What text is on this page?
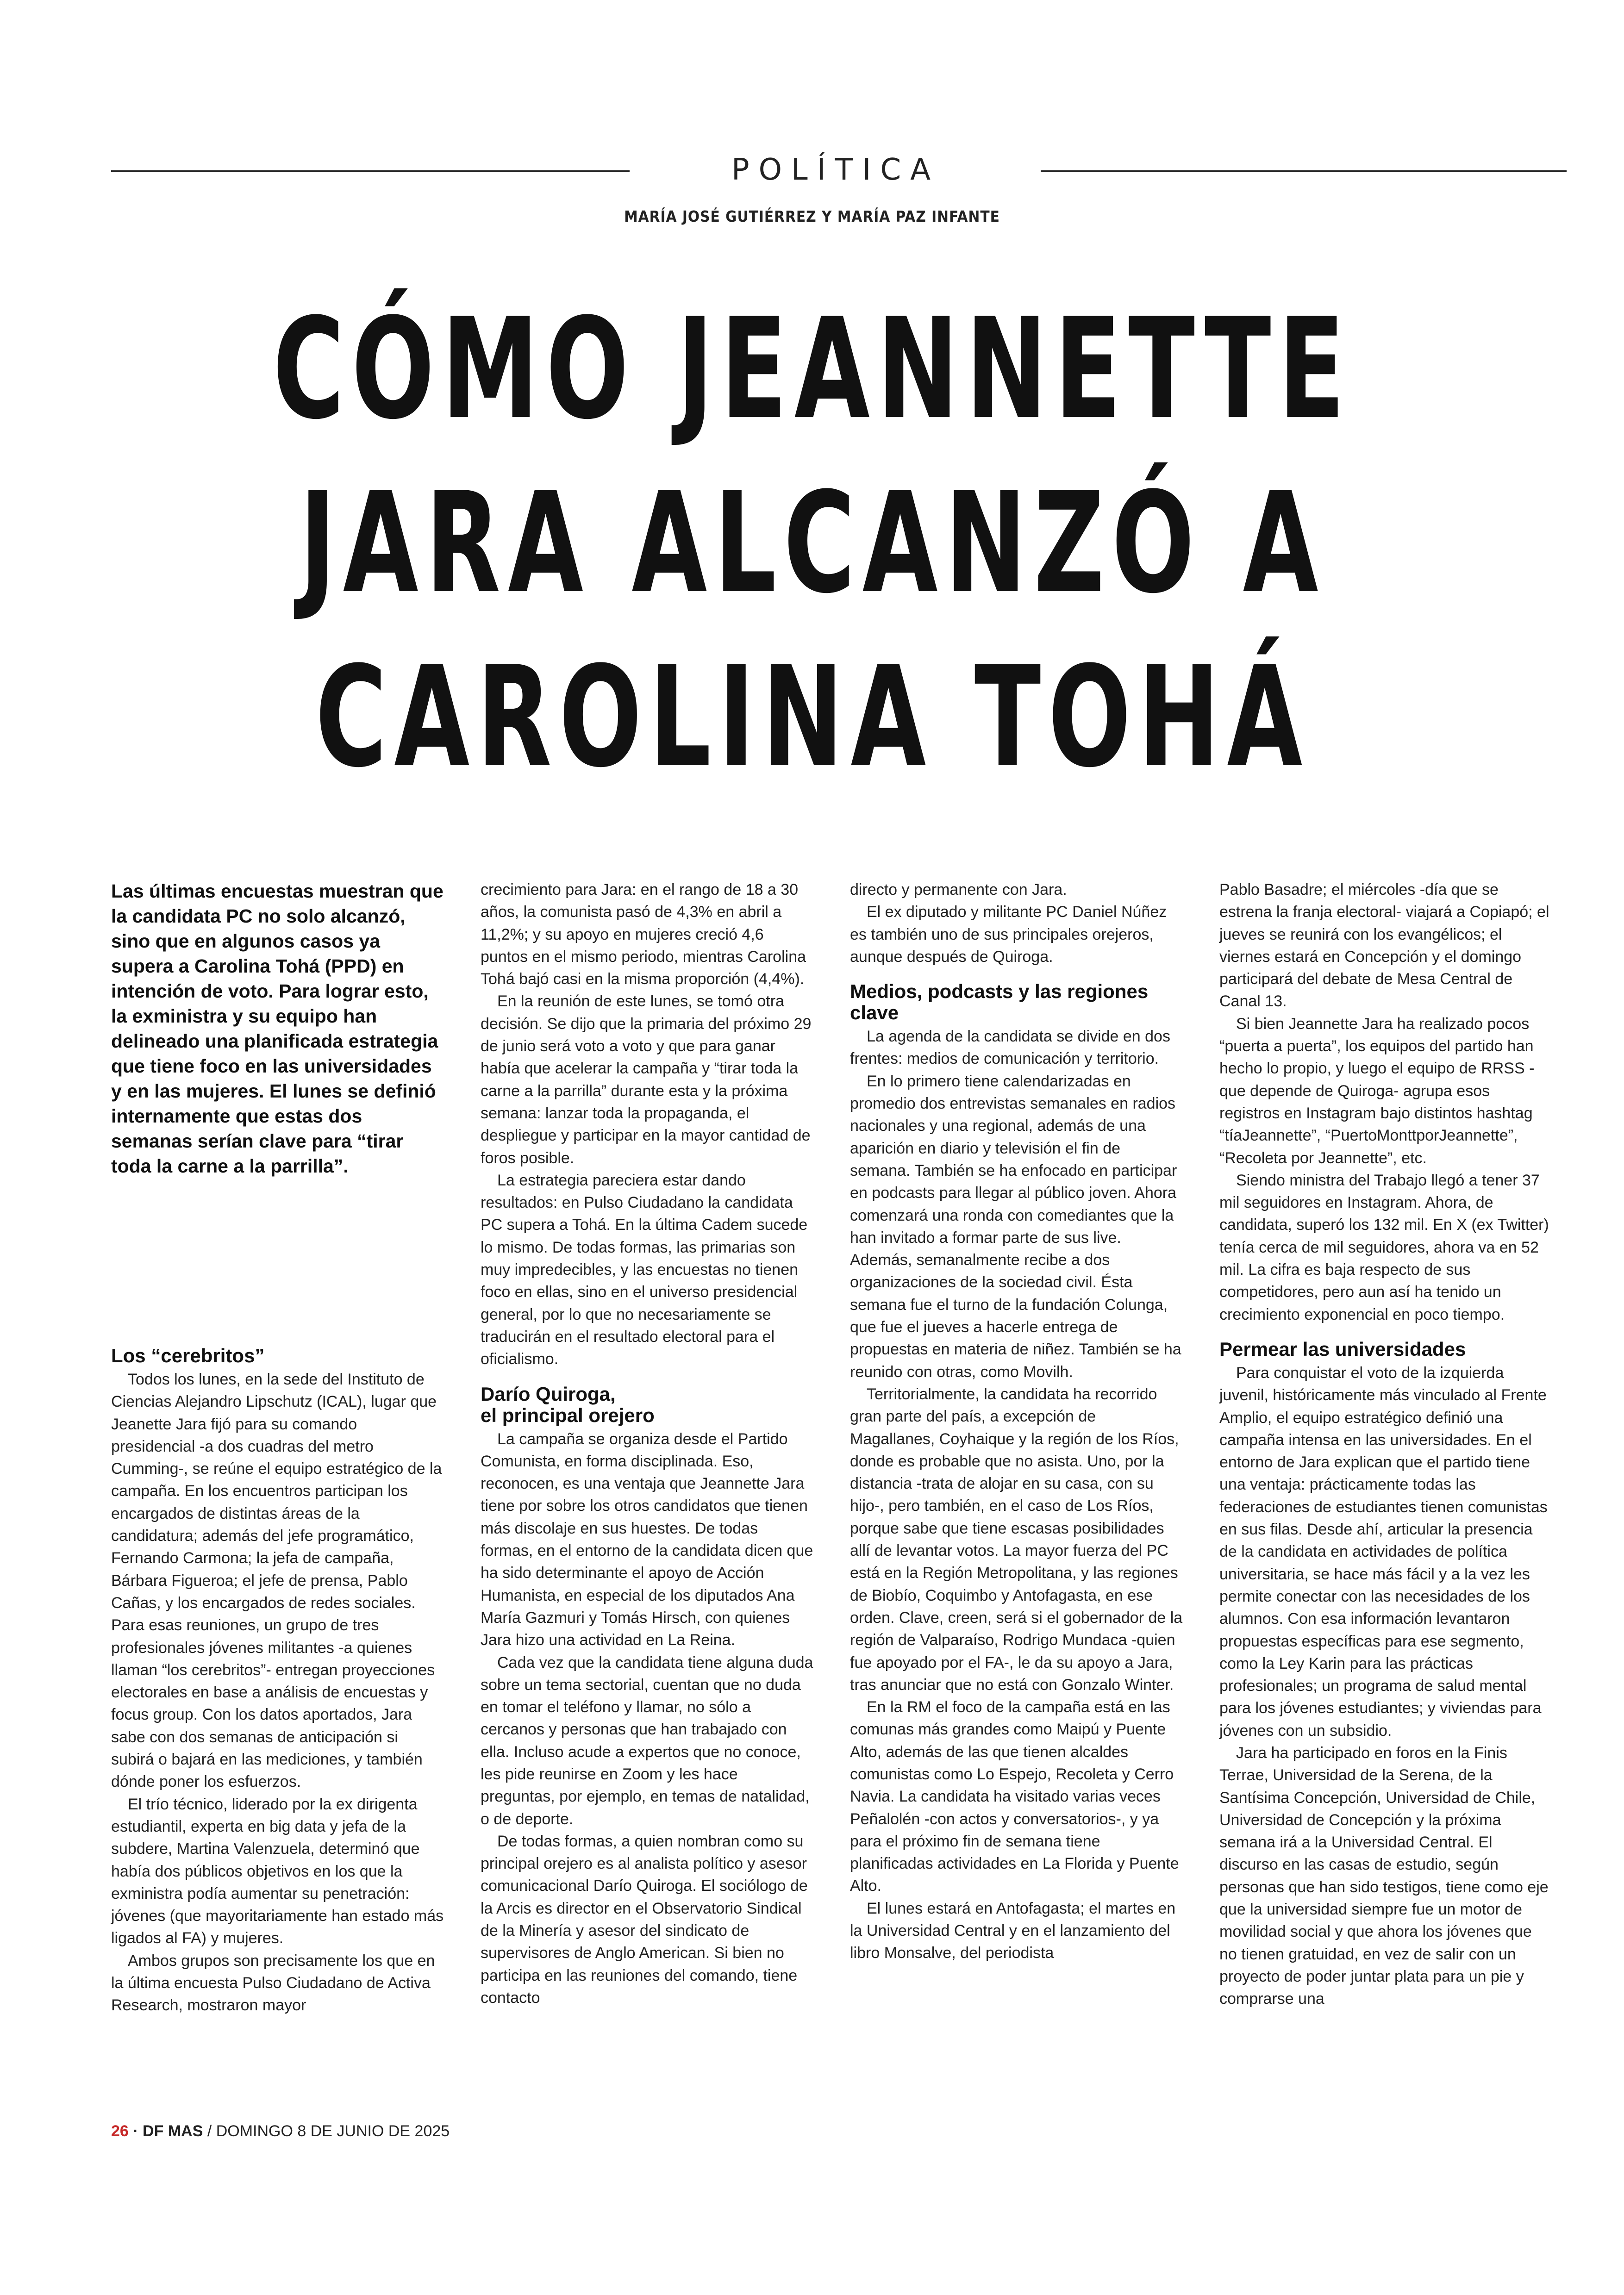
POLÍTICA
MARÍA JOSÉ GUTIÉRREZ Y MARÍA PAZ INFANTE
CÓMO JEANNETTE
JARA ALCANZÓ A
CAROLINA TOHÁ

Las últimas encuestas muestran que la candidata PC no solo alcanzó, sino que en algunos casos ya supera a Carolina Tohá (PPD) en intención de voto. Para lograr esto, la exministra y su equipo han delineado una planificada estrategia que tiene foco en las universidades y en las mujeres. El lunes se definió internamente que estas dos semanas serían clave para “tirar toda la carne a la parrilla”.

Los “cerebritos”

Todos los lunes, en la sede del Instituto de Ciencias Alejandro Lipschutz (ICAL), lugar que Jeanette Jara fijó para su comando presidencial -a dos cuadras del metro Cumming-, se reúne el equipo estratégico de la campaña. En los encuentros participan los encargados de distintas áreas de la candidatura; además del jefe programático, Fernando Carmona; la jefa de campaña, Bárbara Figueroa; el jefe de prensa, Pablo Cañas, y los encargados de redes sociales. Para esas reuniones, un grupo de tres profesionales jóvenes militantes -a quienes llaman “los cerebritos”- entregan proyecciones electorales en base a análisis de encuestas y focus group. Con los datos aportados, Jara sabe con dos semanas de anticipación si subirá o bajará en las mediciones, y también dónde poner los esfuerzos.

El trío técnico, liderado por la ex dirigenta estudiantil, experta en big data y jefa de la subdere, Martina Valenzuela, determinó que había dos públicos objetivos en los que la exministra podía aumentar su penetración: jóvenes (que mayoritariamente han estado más ligados al FA) y mujeres.

Ambos grupos son precisamente los que en la última encuesta Pulso Ciudadano de Activa Research, mostraron mayor

crecimiento para Jara: en el rango de 18 a 30 años, la comunista pasó de 4,3% en abril a 11,2%; y su apoyo en mujeres creció 4,6 puntos en el mismo periodo, mientras Carolina Tohá bajó casi en la misma proporción (4,4%).

En la reunión de este lunes, se tomó otra decisión. Se dijo que la primaria del próximo 29 de junio será voto a voto y que para ganar había que acelerar la campaña y “tirar toda la carne a la parrilla” durante esta y la próxima semana: lanzar toda la propaganda, el despliegue y participar en la mayor cantidad de foros posible.

La estrategia pareciera estar dando resultados: en Pulso Ciudadano la candidata PC supera a Tohá. En la última Cadem sucede lo mismo. De todas formas, las primarias son muy impredecibles, y las encuestas no tienen foco en ellas, sino en el universo presidencial general, por lo que no necesariamente se traducirán en el resultado electoral para el oficialismo.

Darío Quiroga,
el principal orejero

La campaña se organiza desde el Partido Comunista, en forma disciplinada. Eso, reconocen, es una ventaja que Jeannette Jara tiene por sobre los otros candidatos que tienen más discolaje en sus huestes. De todas formas, en el entorno de la candidata dicen que ha sido determinante el apoyo de Acción Humanista, en especial de los diputados Ana María Gazmuri y Tomás Hirsch, con quienes Jara hizo una actividad en La Reina.

Cada vez que la candidata tiene alguna duda sobre un tema sectorial, cuentan que no duda en tomar el teléfono y llamar, no sólo a cercanos y personas que han trabajado con ella. Incluso acude a expertos que no conoce, les pide reunirse en Zoom y les hace preguntas, por ejemplo, en temas de natalidad, o de deporte.

De todas formas, a quien nombran como su principal orejero es al analista político y asesor comunicacional Darío Quiroga. El sociólogo de la Arcis es director en el Observatorio Sindical de la Minería y asesor del sindicato de supervisores de Anglo American. Si bien no participa en las reuniones del comando, tiene contacto

directo y permanente con Jara.

El ex diputado y militante PC Daniel Núñez es también uno de sus principales orejeros, aunque después de Quiroga.

Medios, podcasts y las regiones clave

La agenda de la candidata se divide en dos frentes: medios de comunicación y territorio.

En lo primero tiene calendarizadas en promedio dos entrevistas semanales en radios nacionales y una regional, además de una aparición en diario y televisión el fin de semana. También se ha enfocado en participar en podcasts para llegar al público joven. Ahora comenzará una ronda con comediantes que la han invitado a formar parte de sus live. Además, semanalmente recibe a dos organizaciones de la sociedad civil. Ésta semana fue el turno de la fundación Colunga, que fue el jueves a hacerle entrega de propuestas en materia de niñez. También se ha reunido con otras, como Movilh.

Territorialmente, la candidata ha recorrido gran parte del país, a excepción de Magallanes, Coyhaique y la región de los Ríos, donde es probable que no asista. Uno, por la distancia -trata de alojar en su casa, con su hijo-, pero también, en el caso de Los Ríos, porque sabe que tiene escasas posibilidades allí de levantar votos. La mayor fuerza del PC está en la Región Metropolitana, y las regiones de Biobío, Coquimbo y Antofagasta, en ese orden. Clave, creen, será si el gobernador de la región de Valparaíso, Rodrigo Mundaca -quien fue apoyado por el FA-, le da su apoyo a Jara, tras anunciar que no está con Gonzalo Winter.

En la RM el foco de la campaña está en las comunas más grandes como Maipú y Puente Alto, además de las que tienen alcaldes comunistas como Lo Espejo, Recoleta y Cerro Navia. La candidata ha visitado varias veces Peñalolén -con actos y conversatorios-, y ya para el próximo fin de semana tiene planificadas actividades en La Florida y Puente Alto.

El lunes estará en Antofagasta; el martes en la Universidad Central y en el lanzamiento del libro Monsalve, del periodista

Pablo Basadre; el miércoles -día que se estrena la franja electoral- viajará a Copiapó; el jueves se reunirá con los evangélicos; el viernes estará en Concepción y el domingo participará del debate de Mesa Central de Canal 13.

Si bien Jeannette Jara ha realizado pocos “puerta a puerta”, los equipos del partido han hecho lo propio, y luego el equipo de RRSS -que depende de Quiroga- agrupa esos registros en Instagram bajo distintos hashtag “tíaJeannette”, “PuertoMonttporJeannette”, “Recoleta por Jeannette”, etc.

Siendo ministra del Trabajo llegó a tener 37 mil seguidores en Instagram. Ahora, de candidata, superó los 132 mil. En X (ex Twitter) tenía cerca de mil seguidores, ahora va en 52 mil. La cifra es baja respecto de sus competidores, pero aun así ha tenido un crecimiento exponencial en poco tiempo.

Permear las universidades

Para conquistar el voto de la izquierda juvenil, históricamente más vinculado al Frente Amplio, el equipo estratégico definió una campaña intensa en las universidades. En el entorno de Jara explican que el partido tiene una ventaja: prácticamente todas las federaciones de estudiantes tienen comunistas en sus filas. Desde ahí, articular la presencia de la candidata en actividades de política universitaria, se hace más fácil y a la vez les permite conectar con las necesidades de los alumnos. Con esa información levantaron propuestas específicas para ese segmento, como la Ley Karin para las prácticas profesionales; un programa de salud mental para los jóvenes estudiantes; y viviendas para jóvenes con un subsidio.

Jara ha participado en foros en la Finis Terrae, Universidad de la Serena, de la Santísima Concepción, Universidad de Chile, Universidad de Concepción y la próxima semana irá a la Universidad Central. El discurso en las casas de estudio, según personas que han sido testigos, tiene como eje que la universidad siempre fue un motor de movilidad social y que ahora los jóvenes que no tienen gratuidad, en vez de salir con un proyecto de poder juntar plata para un pie y comprarse una

26 · DF MAS / DOMINGO 8 DE JUNIO DE 2025
